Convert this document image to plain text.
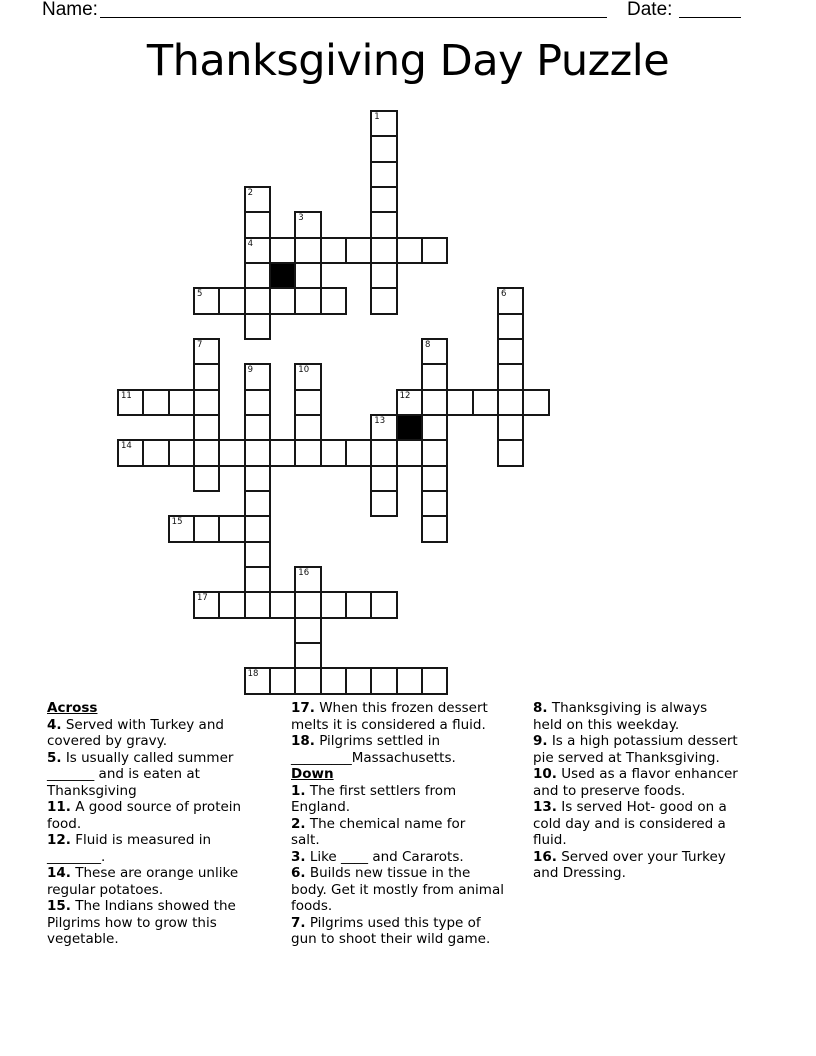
Name:	Date:
Thanksgiving Day Puzzle
1
2
3
4
5	6
7	8
9	10
11	12
13
14
15
16
17
18
Across
4. Served with Turkey and
covered by gravy.
5. Is usually called summer
_______ and is eaten at
Thanksgiving
11. A good source of protein
food.
12. Fluid is measured in
________.
14. These are orange unlike
regular potatoes.
15. The Indians showed the
Pilgrims how to grow this
vegetable.
17. When this frozen dessert
melts it is considered a fluid.
18. Pilgrims settled in
_________Massachusetts.
Down
1. The first settlers from
England.
2. The chemical name for
salt.
3. Like ____ and Cararots.
6. Builds new tissue in the
body. Get it mostly from animal
foods.
7. Pilgrims used this type of
gun to shoot their wild game.
8. Thanksgiving is always
held on this weekday.
9. Is a high potassium dessert
pie served at Thanksgiving.
10. Used as a flavor enhancer
and to preserve foods.
13. Is served Hot- good on a
cold day and is considered a
fluid.
16. Served over your Turkey
and Dressing.
